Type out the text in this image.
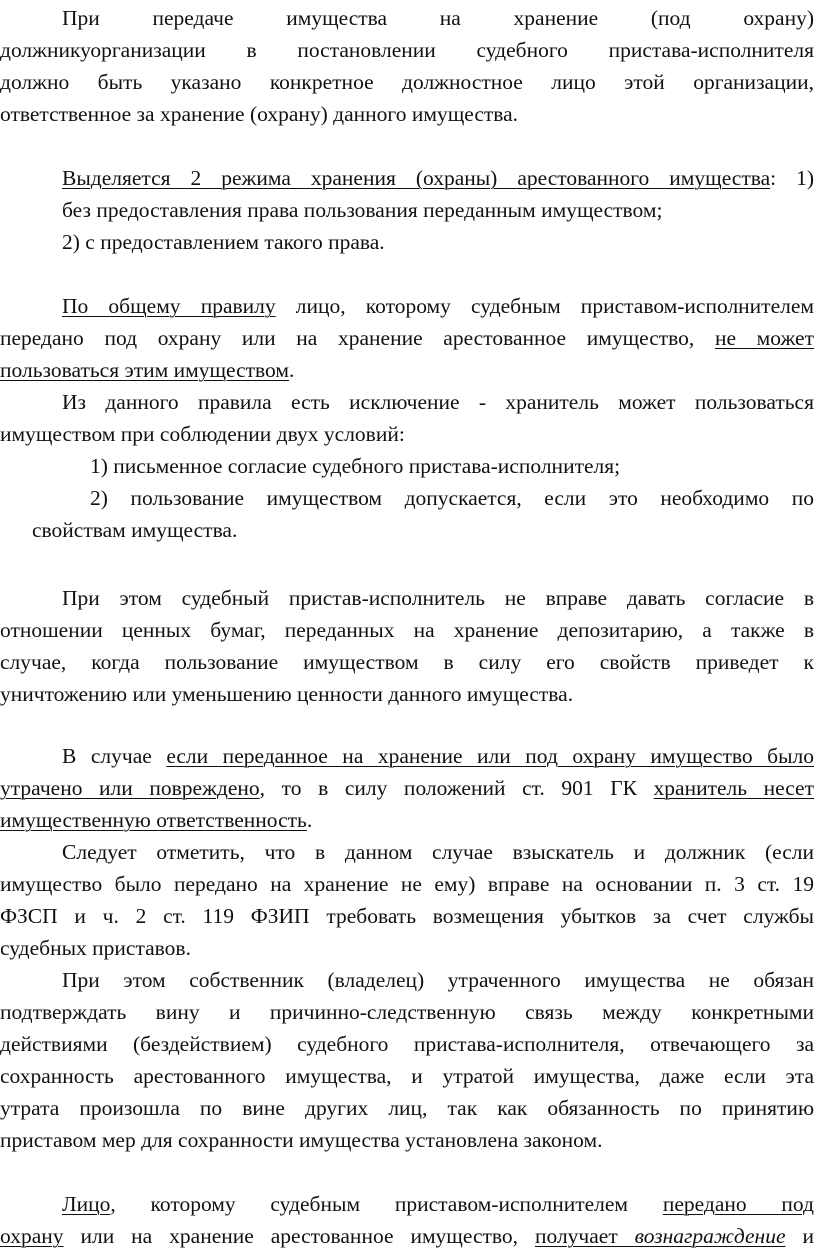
При передаче имущества на хранение (под охрану)
должникуорганизации в постановлении судебного пристава-исполнителя
должно быть указано конкретное должностное лицо этой организации,
ответственное за хранение (охрану) данного имущества.
Выделяется 2 режима хранения (охраны) арестованного имущества: 1)
без предоставления права пользования переданным имуществом;
2) с предоставлением такого права.
По общему правилу лицо, которому судебным приставом-исполнителем
передано под охрану или на хранение арестованное имущество, не может
пользоваться этим имуществом.
Из данного правила есть исключение - хранитель может пользоваться
имуществом при соблюдении двух условий:
1) письменное согласие судебного пристава-исполнителя;
2) пользование имуществом допускается, если это необходимо по
свойствам имущества.
При этом судебный пристав-исполнитель не вправе давать согласие в
отношении ценных бумаг, переданных на хранение депозитарию, а также в
случае, когда пользование имуществом в силу его свойств приведет к
уничтожению или уменьшению ценности данного имущества.
В случае если переданное на хранение или под охрану имущество было
утрачено или повреждено, то в силу положений ст. 901 ГК хранитель несет
имущественную ответственность.
Следует отметить, что в данном случае взыскатель и должник (если
имущество было передано на хранение не ему) вправе на основании п. 3 ст. 19
ФЗСП и ч. 2 ст. 119 ФЗИП требовать возмещения убытков за счет службы
судебных приставов.
При этом собственник (владелец) утраченного имущества не обязан
подтверждать вину и причинно-следственную связь между конкретными
действиями (бездействием) судебного пристава-исполнителя, отвечающего за
сохранность арестованного имущества, и утратой имущества, даже если эта
утрата произошла по вине других лиц, так как обязанность по принятию
приставом мер для сохранности имущества установлена законом.
Лицо, которому судебным приставом-исполнителем передано под
охрану или на хранение арестованное имущество, получает вознаграждение и
